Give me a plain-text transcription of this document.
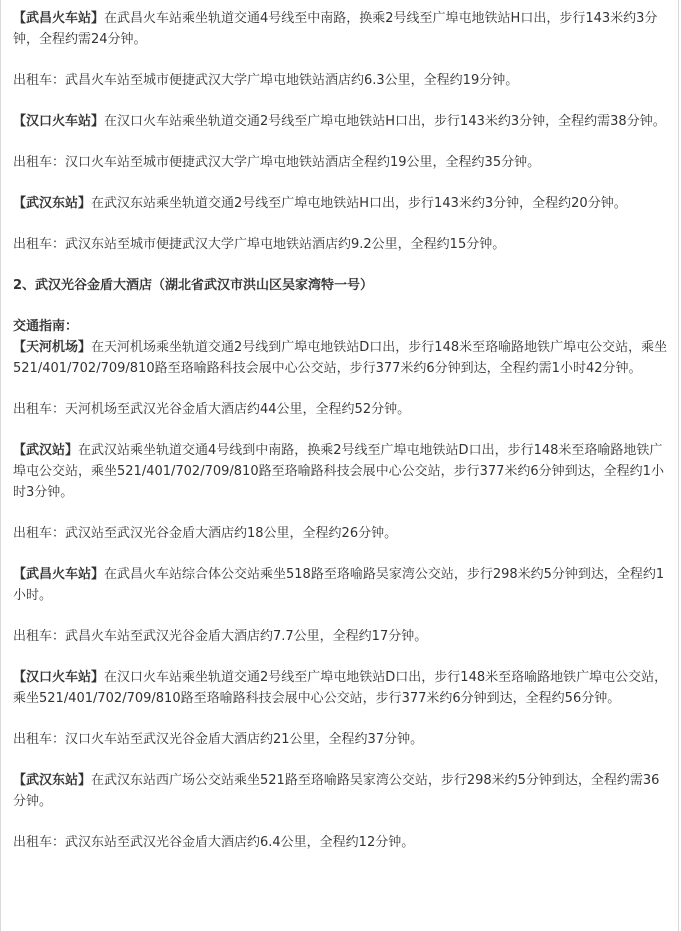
【武昌火车站】在武昌火车站乘坐轨道交通4号线至中南路，换乘2号线至广埠屯地铁站H口出，步行143米约3分钟，全程约需24分钟。

出租车：武昌火车站至城市便捷武汉大学广埠屯地铁站酒店约6.3公里，全程约19分钟。

【汉口火车站】在汉口火车站乘坐轨道交通2号线至广埠屯地铁站H口出，步行143米约3分钟，全程约需38分钟。

出租车：汉口火车站至城市便捷武汉大学广埠屯地铁站酒店全程约19公里，全程约35分钟。

【武汉东站】在武汉东站乘坐轨道交通2号线至广埠屯地铁站H口出，步行143米约3分钟，全程约20分钟。

出租车：武汉东站至城市便捷武汉大学广埠屯地铁站酒店约9.2公里，全程约15分钟。

2、武汉光谷金盾大酒店（湖北省武汉市洪山区吴家湾特一号）

交通指南：

【天河机场】在天河机场乘坐轨道交通2号线到广埠屯地铁站D口出，步行148米至珞喻路地铁广埠屯公交站，乘坐521/401/702/709/810路至珞喻路科技会展中心公交站，步行377米约6分钟到达，全程约需1小时42分钟。

出租车：天河机场至武汉光谷金盾大酒店约44公里，全程约52分钟。

【武汉站】在武汉站乘坐轨道交通4号线到中南路，换乘2号线至广埠屯地铁站D口出，步行148米至珞喻路地铁广埠屯公交站，乘坐521/401/702/709/810路至珞喻路科技会展中心公交站，步行377米约6分钟到达，全程约1小时3分钟。

出租车：武汉站至武汉光谷金盾大酒店约18公里，全程约26分钟。

【武昌火车站】在武昌火车站综合体公交站乘坐518路至珞喻路吴家湾公交站，步行298米约5分钟到达，全程约1小时。

出租车：武昌火车站至武汉光谷金盾大酒店约7.7公里，全程约17分钟。

【汉口火车站】在汉口火车站乘坐轨道交通2号线至广埠屯地铁站D口出，步行148米至珞喻路地铁广埠屯公交站，乘坐521/401/702/709/810路至珞喻路科技会展中心公交站，步行377米约6分钟到达，全程约56分钟。

出租车：汉口火车站至武汉光谷金盾大酒店约21公里，全程约37分钟。

【武汉东站】在武汉东站西广场公交站乘坐521路至珞喻路吴家湾公交站，步行298米约5分钟到达，全程约需36分钟。

出租车：武汉东站至武汉光谷金盾大酒店约6.4公里，全程约12分钟。
